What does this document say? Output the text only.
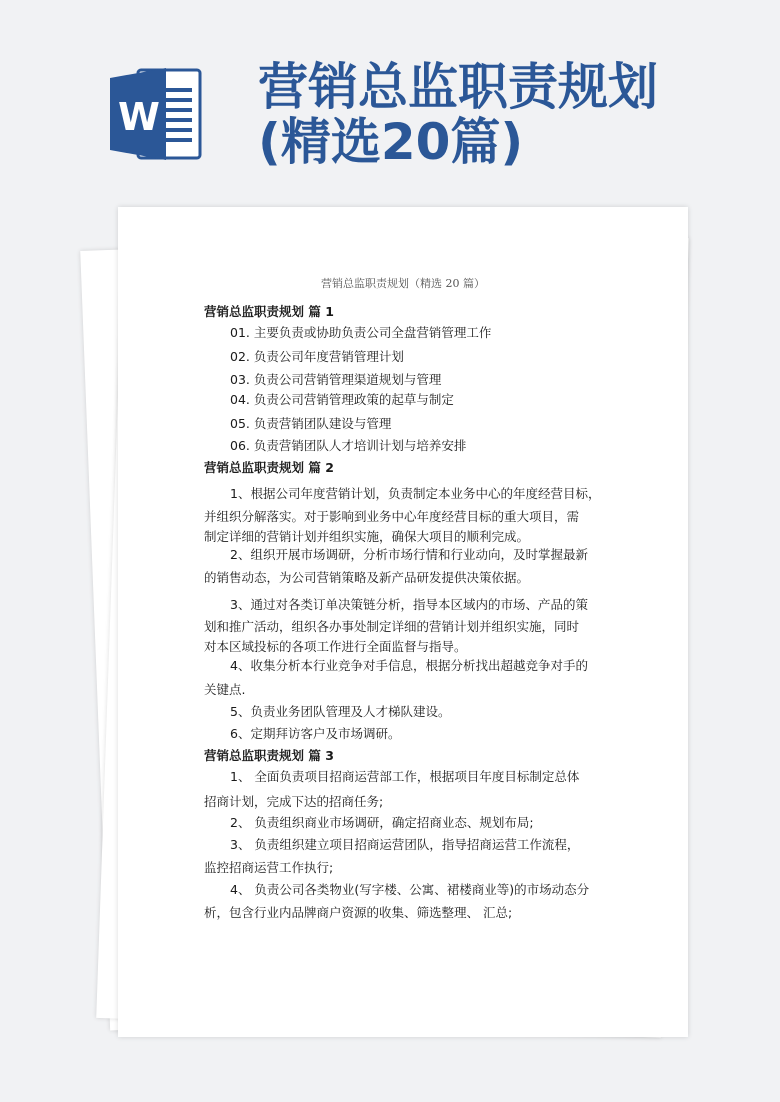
W
营销总监职责规划
(精选20篇)
营销总监职责规划（精选 20 篇）
营销总监职责规划 篇 1
01. 主要负责或协助负责公司全盘营销管理工作
02. 负责公司年度营销管理计划
03. 负责公司营销管理渠道规划与管理
04. 负责公司营销管理政策的起草与制定
05. 负责营销团队建设与管理
06. 负责营销团队人才培训计划与培养安排
营销总监职责规划 篇 2
1、根据公司年度营销计划，负责制定本业务中心的年度经营目标，
并组织分解落实。对于影响到业务中心年度经营目标的重大项目，需
制定详细的营销计划并组织实施，确保大项目的顺利完成。
2、组织开展市场调研，分析市场行情和行业动向，及时掌握最新
的销售动态，为公司营销策略及新产品研发提供决策依据。
3、通过对各类订单决策链分析，指导本区域内的市场、产品的策
划和推广活动，组织各办事处制定详细的营销计划并组织实施，同时
对本区域投标的各项工作进行全面监督与指导。
4、收集分析本行业竞争对手信息，根据分析找出超越竞争对手的
关键点.
5、负责业务团队管理及人才梯队建设。
6、定期拜访客户及市场调研。
营销总监职责规划 篇 3
1、 全面负责项目招商运营部工作，根据项目年度目标制定总体
招商计划，完成下达的招商任务;
2、 负责组织商业市场调研，确定招商业态、规划布局;
3、 负责组织建立项目招商运营团队，指导招商运营工作流程，
监控招商运营工作执行;
4、 负责公司各类物业(写字楼、公寓、裙楼商业等)的市场动态分
析，包含行业内品牌商户资源的收集、筛选整理、 汇总;
